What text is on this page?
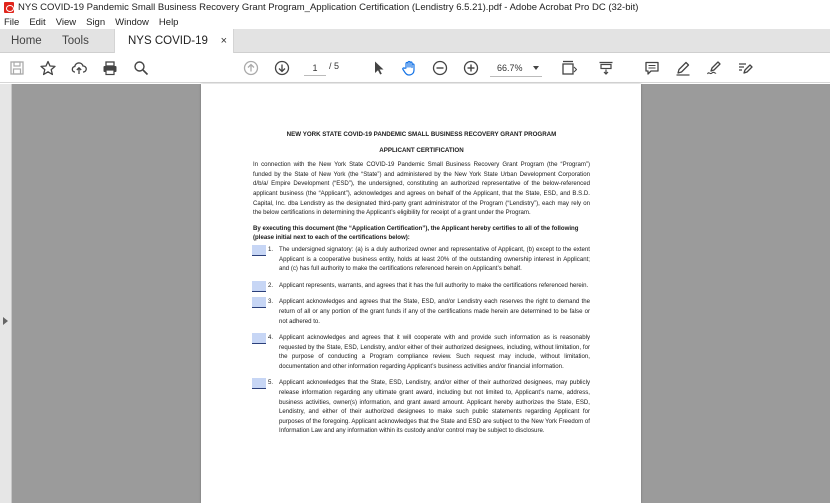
NYS COVID-19 Pandemic Small Business Recovery Grant Program_Application Certification (Lendistry 6.5.21).pdf - Adobe Acrobat Pro DC (32-bit)
File Edit View Sign Window Help
Home Tools	NYS COVID-19 ×
1
/ 5	66.7%
NEW YORK STATE COVID-19 PANDEMIC SMALL BUSINESS RECOVERY GRANT PROGRAM
APPLICANT CERTIFICATION
In connection with the New York State COVID-19 Pandemic Small Business Recovery Grant Program (the “Program”) funded by the State of New York (the “State”) and administered by the New York State Urban Development Corporation d/b/a/ Empire Development (“ESD”), the undersigned, constituting an authorized representative of the below-referenced applicant business (the “Applicant”), acknowledges and agrees on behalf of the Applicant, that the State, ESD, and B.S.D. Capital, Inc. dba Lendistry as the designated third-party grant administrator of the Program (“Lendistry”), each may rely on the below certifications in determining the Applicant’s eligibility for receipt of a grant under the Program.
By executing this document (the “Application Certification”), the Applicant hereby certifies to all of the following (please initial next to each of the certifications below):
1. The undersigned signatory: (a) is a duly authorized owner and representative of Applicant, (b) except to the extent Applicant is a cooperative business entity, holds at least 20% of the outstanding ownership interest in Applicant; and (c) has full authority to make the certifications referenced herein on Applicant’s behalf.
2. Applicant represents, warrants, and agrees that it has the full authority to make the certifications referenced herein.
3. Applicant acknowledges and agrees that the State, ESD, and/or Lendistry each reserves the right to demand the return of all or any portion of the grant funds if any of the certifications made herein are determined to be false or not adhered to.
4. Applicant acknowledges and agrees that it will cooperate with and provide such information as is reasonably requested by the State, ESD, Lendistry, and/or either of their authorized designees, including, without limitation, for the purpose of conducting a Program compliance review. Such request may include, without limitation, documentation and other information regarding Applicant’s business activities and/or financial information.
5. Applicant acknowledges that the State, ESD, Lendistry, and/or either of their authorized designees, may publicly release information regarding any ultimate grant award, including but not limited to, Applicant’s name, address, business activities, owner(s) information, and grant award amount. Applicant hereby authorizes the State, ESD, Lendistry, and either of their authorized designees to make such public statements regarding Applicant for purposes of the foregoing. Applicant acknowledges that the State and ESD are subject to the New York Freedom of Information Law and any information within its custody and/or control may be subject to disclosure.
